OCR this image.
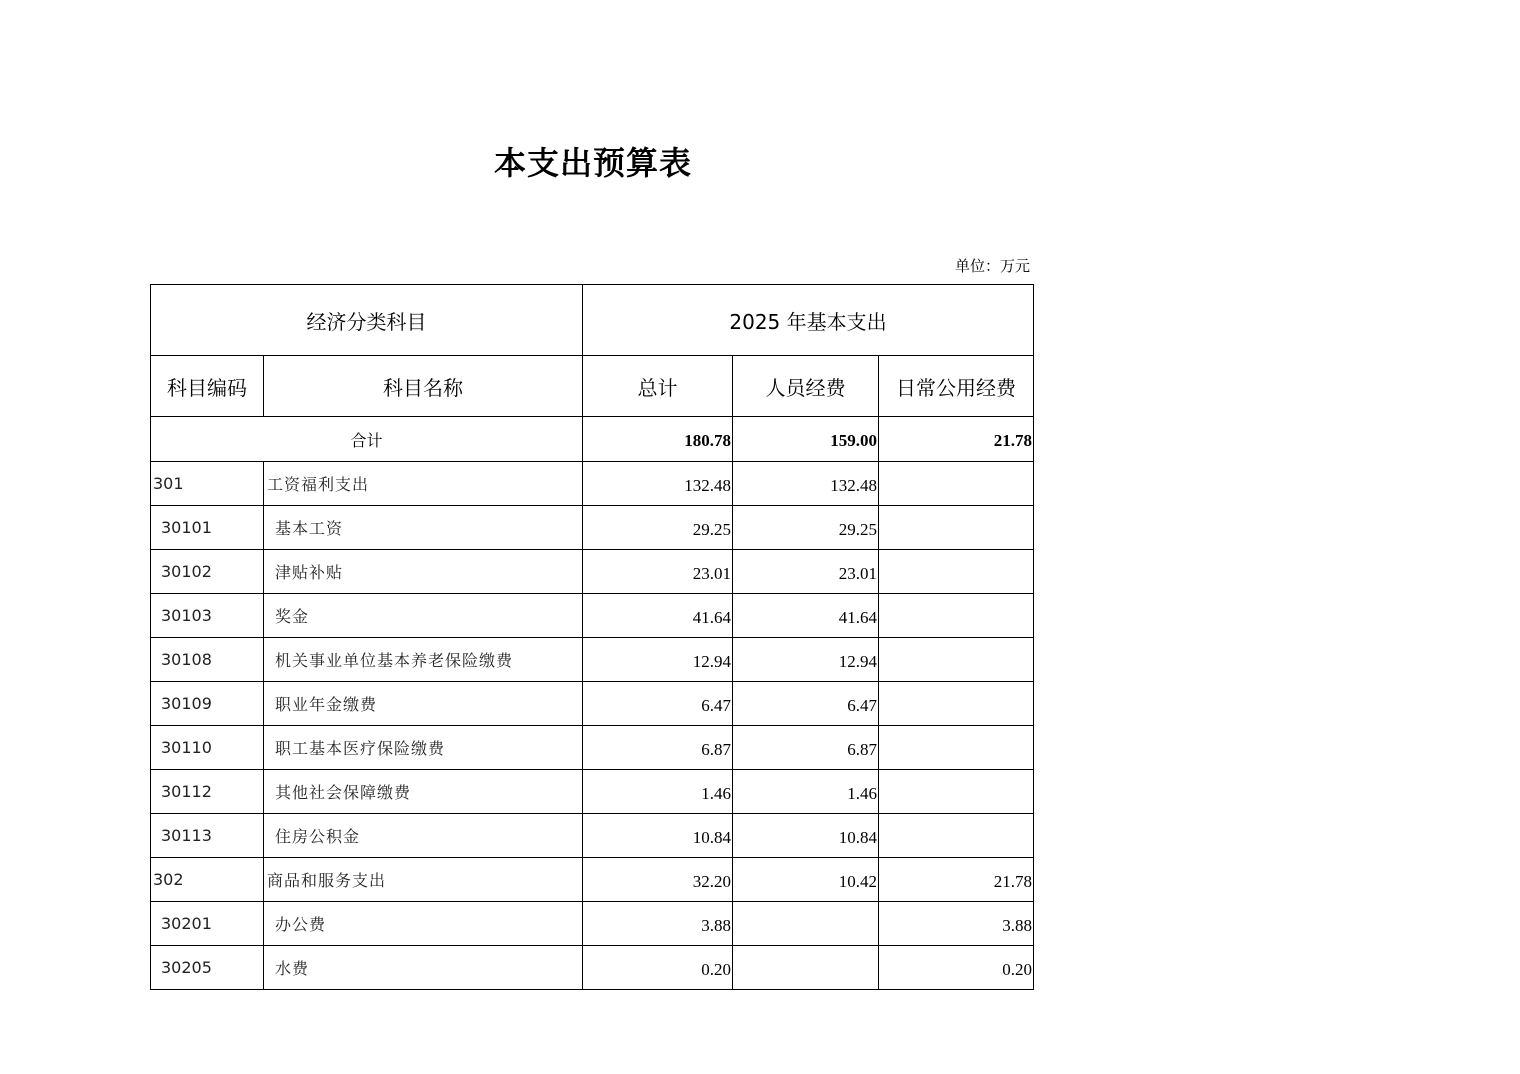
本支出预算表
单位：万元
经济分类科目		2025 年基本支出		
科目编码	科目名称	总计	人员经费	日常公用经费
合计		180.78	159.00	21.78
301	工资福利支出	132.48	132.48	
30101	基本工资	29.25	29.25	
30102	津贴补贴	23.01	23.01	
30103	奖金	41.64	41.64	
30108	机关事业单位基本养老保险缴费	12.94	12.94	
30109	职业年金缴费	6.47	6.47	
30110	职工基本医疗保险缴费	6.87	6.87	
30112	其他社会保障缴费	1.46	1.46	
30113	住房公积金	10.84	10.84	
302	商品和服务支出	32.20	10.42	21.78
30201	办公费	3.88		3.88
30205	水费	0.20		0.20
